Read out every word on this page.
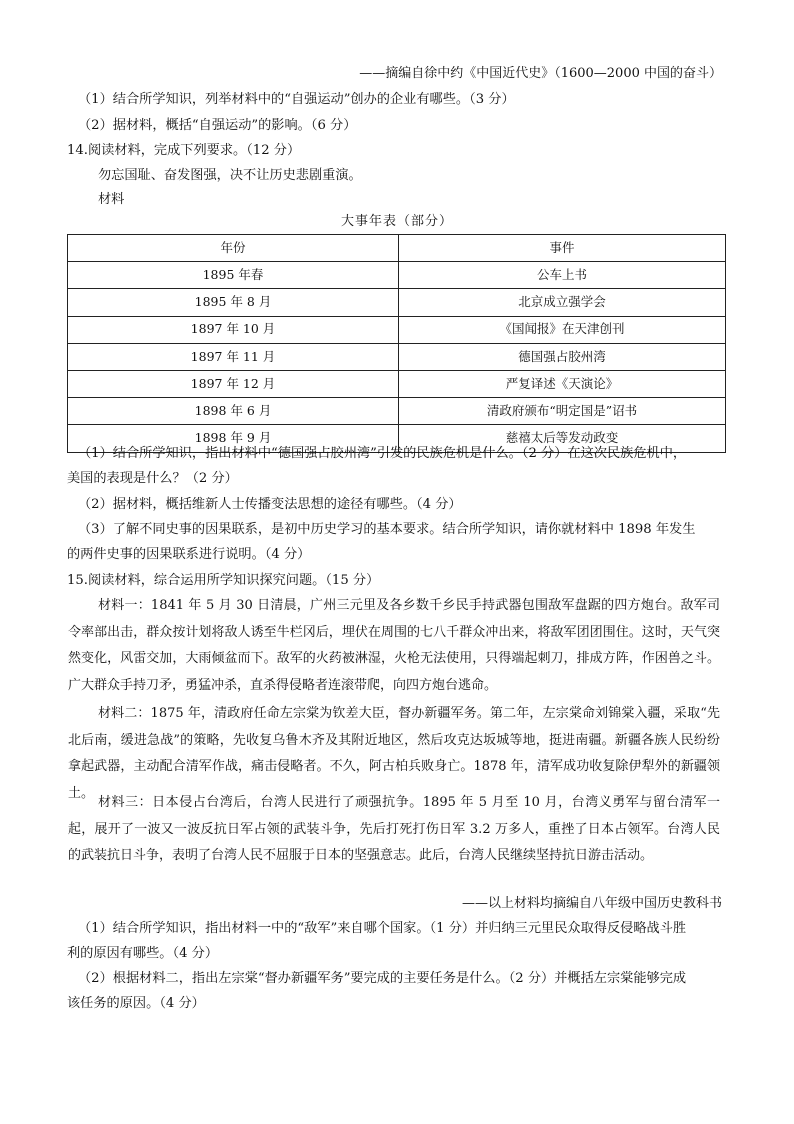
——摘编自徐中约《中国近代史》（1600—2000 中国的奋斗）
（1）结合所学知识，列举材料中的“自强运动”创办的企业有哪些。（3 分）
（2）据材料，概括“自强运动”的影响。（6 分）
14.阅读材料，完成下列要求。（12 分）
勿忘国耻、奋发图强，决不让历史悲剧重演。
材料
大事年表（部分）
年份	事件
1895 年春	公车上书
1895 年 8 月	北京成立强学会
1897 年 10 月	《国闻报》在天津创刊
1897 年 11 月	德国强占胶州湾
1897 年 12 月	严复译述《天演论》
1898 年 6 月	清政府颁布“明定国是”诏书
1898 年 9 月	慈禧太后等发动政变
（1）结合所学知识，指出材料中“德国强占胶州湾”引发的民族危机是什么。（2 分）在这次民族危机中，
美国的表现是什么？（2 分）
（2）据材料，概括维新人士传播变法思想的途径有哪些。（4 分）
（3）了解不同史事的因果联系，是初中历史学习的基本要求。结合所学知识，请你就材料中 1898 年发生
的两件史事的因果联系进行说明。（4 分）
15.阅读材料，综合运用所学知识探究问题。（15 分）
材料一：1841 年 5 月 30 日清晨，广州三元里及各乡数千乡民手持武器包围敌军盘踞的四方炮台。敌军司令率部出击，群众按计划将敌人诱至牛栏冈后，埋伏在周围的七八千群众冲出来，将敌军团团围住。这时，天气突然变化，风雷交加，大雨倾盆而下。敌军的火药被淋湿，火枪无法使用，只得端起刺刀，排成方阵，作困兽之斗。广大群众手持刀矛，勇猛冲杀，直杀得侵略者连滚带爬，向四方炮台逃命。
材料二：1875 年，清政府任命左宗棠为钦差大臣，督办新疆军务。第二年，左宗棠命刘锦棠入疆，采取“先北后南，缓进急战”的策略，先收复乌鲁木齐及其附近地区，然后攻克达坂城等地，挺进南疆。新疆各族人民纷纷拿起武器，主动配合清军作战，痛击侵略者。不久，阿古柏兵败身亡。1878 年，清军成功收复除伊犁外的新疆领土。
材料三：日本侵占台湾后，台湾人民进行了顽强抗争。1895 年 5 月至 10 月，台湾义勇军与留台清军一起，展开了一波又一波反抗日军占领的武装斗争，先后打死打伤日军 3.2 万多人，重挫了日本占领军。台湾人民的武装抗日斗争，表明了台湾人民不屈服于日本的坚强意志。此后，台湾人民继续坚持抗日游击活动。
——以上材料均摘编自八年级中国历史教科书
（1）结合所学知识，指出材料一中的“敌军”来自哪个国家。（1 分）并归纳三元里民众取得反侵略战斗胜
利的原因有哪些。（4 分）
（2）根据材料二，指出左宗棠“督办新疆军务”要完成的主要任务是什么。（2 分）并概括左宗棠能够完成
该任务的原因。（4 分）
